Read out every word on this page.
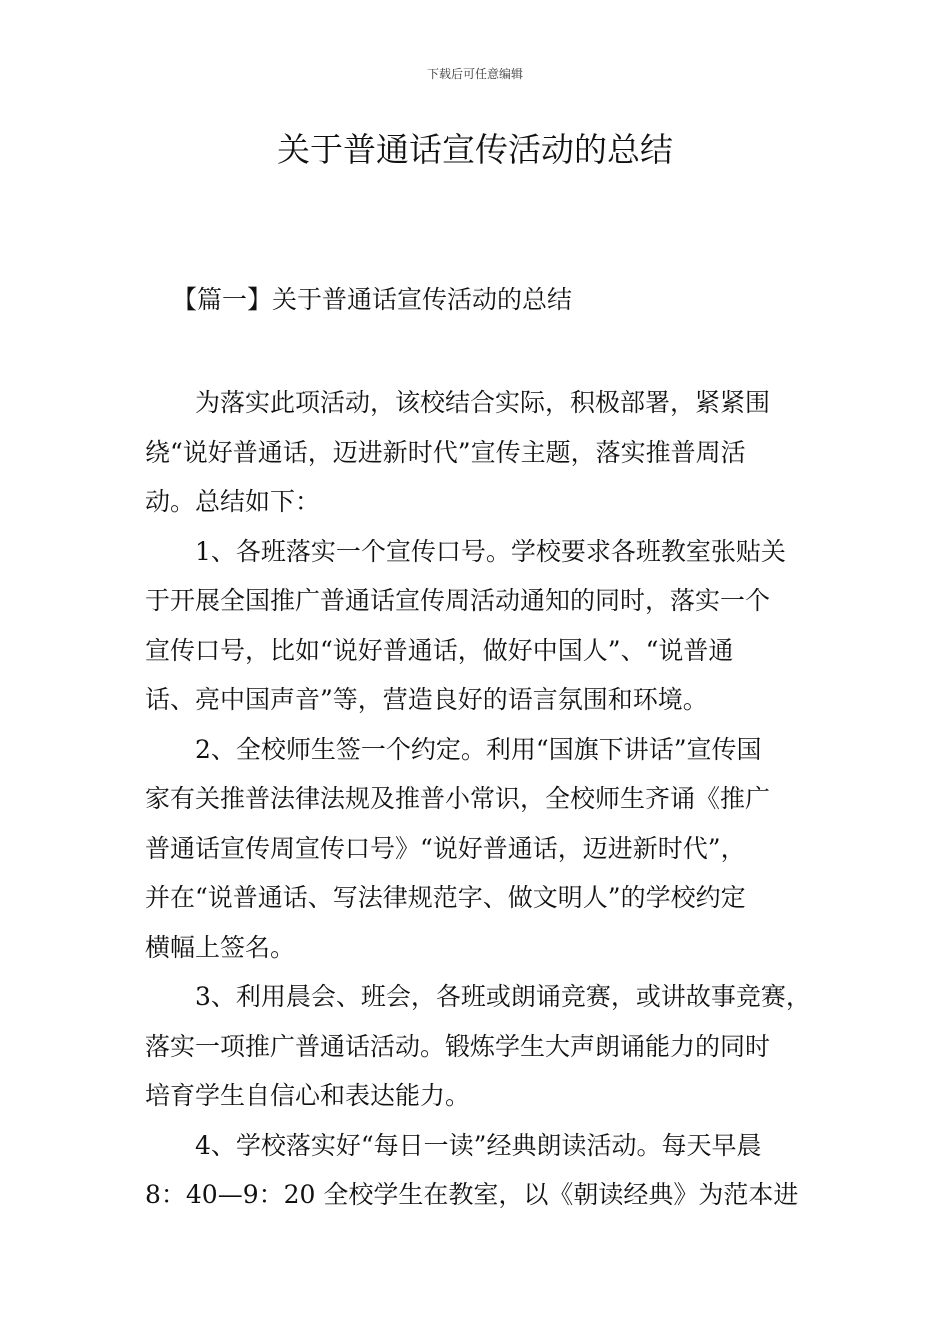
下载后可任意编辑
关于普通话宣传活动的总结
【篇一】关于普通话宣传活动的总结

为落实此项活动，该校结合实际，积极部署，紧紧围
绕“说好普通话，迈进新时代”宣传主题，落实推普周活
动。总结如下：

1、各班落实一个宣传口号。学校要求各班教室张贴关
于开展全国推广普通话宣传周活动通知的同时，落实一个
宣传口号，比如“说好普通话，做好中国人”、“说普通
话、亮中国声音”等，营造良好的语言氛围和环境。

2、全校师生签一个约定。利用“国旗下讲话”宣传国
家有关推普法律法规及推普小常识，全校师生齐诵《推广
普通话宣传周宣传口号》“说好普通话，迈进新时代”，
并在“说普通话、写法律规范字、做文明人”的学校约定
横幅上签名。

3、利用晨会、班会，各班或朗诵竞赛，或讲故事竞赛，
落实一项推广普通话活动。锻炼学生大声朗诵能力的同时
培育学生自信心和表达能力。

4、学校落实好“每日一读”经典朗读活动。每天早晨
8：40—9：20 全校学生在教室，以《朝读经典》为范本进
